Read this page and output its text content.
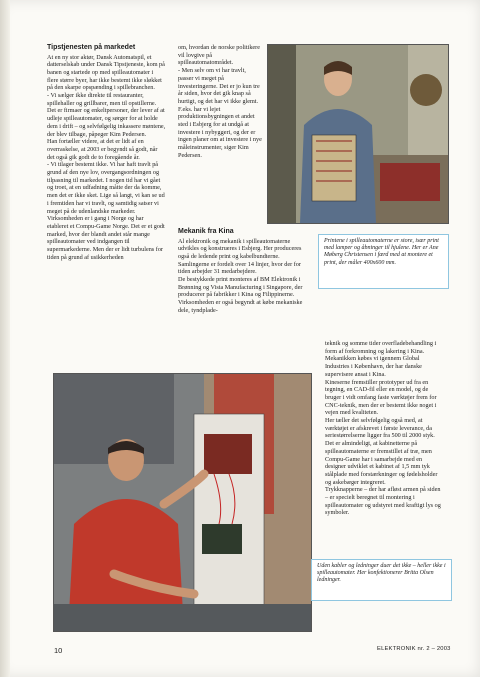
Tipstjenesten på markedet

At en ny stor aktør, Dansk Automatspil, et datterselskab under Dansk Tipstjeneste, kom på banen og startede op med spilleautomater i flere større byer, har ikke bestemt ikke sløkket på den skarpe opspænding i spillebranchen.

- Vi sælger ikke direkte til restauranter, spillehaller og grillbarer, men til opstillerne. Det er firmaer og enkeltpersoner, der lever af at udleje spilleautomater, og sørger for at holde dem i drift – og selvfølgelig inkassere møntene, der blev tilbage, påpeger Kim Pedersen.

Han fortæller videre, at det er lidt af en overraskelse, at 2003 er begyndt så godt, når det også gik godt de to foregående år.

- Vi tilager bestemt ikke. Vi har haft travlt på grund af den nye lov, overgangsordningen og tilpasning til markedet. I nogen tid har vi gået og troet, at en udfadning måtte der da komme, men det er ikke sket. Lige så langt, vi kan se ud i fremtiden har vi travlt, og samtidig satser vi meget på de udenlandske markeder.

Virksomheden er i gang i Norge og har etableret et Compu-Game Norge. Det er et godt marked, hvor der blandt andet står mange spilleautomater ved indgangen til supermarkederne. Men der er lidt turbulens for tiden på grund af usikkerheden

om, hvordan de norske politikere vil lovgive på spilleautomatområdet.

- Men selv om vi har travlt, passer vi meget på investeringerne. Det er jo kun tre år siden, hvor det gik knap så hurtigt, og det har vi ikke glemt. F.eks. har vi lejet produktionsbygningen et andet sted i Esbjerg for at undgå at investere i nybyggeri, og der er ingen planer om at investere i nye måleinstrumenter, siger Kim Pedersen.

Mekanik fra Kina

Al elektronik og mekanik i spilleautomaterne udvikles og konstrueres i Esbjerg. Her produceres også de ledende print og kabelbundterne. Samlingerne er fordelt over 14 linjer, hvor der for tiden arbejder 31 medarbejdere.

De bestykkede print monteres af BM Elektronik i Brønning og Vista Manufacturing i Singapore, der producerer på fabrikker i Kina og Filippinerne.

Virksomheden er også begyndt at købe mekaniske dele, tyndplade-

teknik og somme tider overfladebehandling i form af forkromning og lakering i Kina. Mekanikken købes vi igennem Global Industries i København, der har danske supervisere ansat i Kina.

Kineserne fremstiller prototyper ud fra en tegning, en CAD-fil eller en model, og de bruger i vidt omfang faste værktøjer frem for CNC-teknik, men der er bestemt ikke noget i vejen med kvaliteten.

Her tæller det selvfølgelig også med, at værktøjet er afskrevet i første leverance, da seriestørrelserne ligger fra 500 til 2000 styk.

Det er almindeligt, at kabinetterne på spilleautomaterne er fremstillet af træ, men Compu-Game har i samarbejde med en designer udviklet et kabinet af 1,5 mm tyk stålplade med forstærkninger og fødelsholder og askebæger integreret.

Trykknapperne – der har afløst armen på siden – er specielt beregnet til montering i spilleautomater og udstyret med kraftigt lys og symboler.

Printene i spilleautomaterne er store, især print med lamper og åbninger til hjulene. Her er Ane Møberg Christensen i færd med at montere et print, der måler 400x600 mm.
Uden kabler og ledninger duer det ikke – heller ikke i spilleautomater. Her konfektionerer Britta Olsen ledninger.
10	ELEKTRONIK nr. 2 – 2003
